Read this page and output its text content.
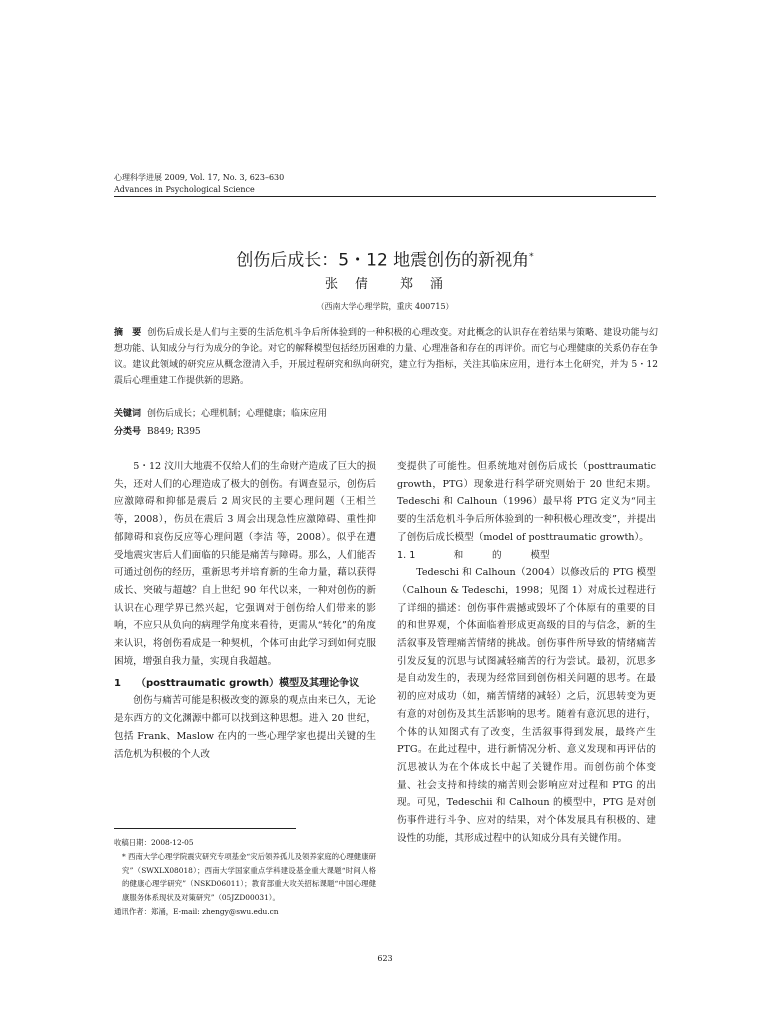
心理科学进展 2009, Vol. 17, No. 3, 623–630
Advances in Psychological Science
创伤后成长：5・12 地震创伤的新视角*
张　倩　　郑　涌
（西南大学心理学院，重庆 400715）
摘　要 创伤后成长是人们与主要的生活危机斗争后所体验到的一种积极的心理改变。对此概念的认识存在着结果与策略、建设功能与幻想功能、认知成分与行为成分的争论。对它的解释模型包括经历困难的力量、心理准备和存在的再评价。而它与心理健康的关系仍存在争议。建议此领域的研究应从概念澄清入手，开展过程研究和纵向研究，建立行为指标，关注其临床应用，进行本土化研究，并为 5・12 震后心理重建工作提供新的思路。
关键词 创伤后成长；心理机制；心理健康；临床应用
分类号 B849; R395

5・12 汶川大地震不仅给人们的生命财产造成了巨大的损失，还对人们的心理造成了极大的创伤。有调查显示，创伤后应激障碍和抑郁是震后 2 周灾民的主要心理问题（王相兰 等，2008），伤员在震后 3 周会出现急性应激障碍、重性抑郁障碍和哀伤反应等心理问题（李洁 等，2008）。似乎在遭受地震灾害后人们面临的只能是痛苦与障碍。那么，人们能否可通过创伤的经历，重新思考并培育新的生命力量，藉以获得成长、突破与超越？自上世纪 90 年代以来，一种对创伤的新认识在心理学界已然兴起，它强调对于创伤给人们带来的影响，不应只从负向的病理学角度来看待，更需从“转化”的角度来认识，将创伤看成是一种契机，个体可由此学习到如何克服困境，增强自我力量，实现自我超越。

1　　（posttraumatic growth）模型及其理论争议

创伤与痛苦可能是积极改变的源泉的观点由来已久，无论是东西方的文化渊源中都可以找到这种思想。进入 20 世纪，包括 Frank、Maslow 在内的一些心理学家也提出关键的生活危机为积极的个人改

变提供了可能性。但系统地对创伤后成长（posttraumatic growth，PTG）现象进行科学研究则始于 20 世纪末期。Tedeschi 和 Calhoun（1996）最早将 PTG 定义为“同主要的生活危机斗争后所体验到的一种积极心理改变”，并提出了创伤后成长模型（model of posttraumatic growth）。

1. 1　　　　和　　　的　　　模型

Tedeschi 和 Calhoun（2004）以修改后的 PTG 模型（Calhoun & Tedeschi，1998；见图 1）对成长过程进行了详细的描述：创伤事件震撼或毁坏了个体原有的重要的目的和世界观，个体面临着形成更高级的目的与信念，新的生活叙事及管理痛苦情绪的挑战。创伤事件所导致的情绪痛苦引发反复的沉思与试图减轻痛苦的行为尝试。最初，沉思多是自动发生的，表现为经常回到创伤相关问题的思考。在最初的应对成功（如，痛苦情绪的减轻）之后，沉思转变为更有意的对创伤及其生活影响的思考。随着有意沉思的进行，个体的认知图式有了改变，生活叙事得到发展，最终产生 PTG。在此过程中，进行新情况分析、意义发现和再评估的沉思被认为在个体成长中起了关键作用。而创伤前个体变量、社会支持和持续的痛苦则会影响应对过程和 PTG 的出现。可见，Tedeschii 和 Calhoun 的模型中，PTG 是对创伤事件进行斗争、应对的结果，对个体发展具有积极的、建设性的功能，其形成过程中的认知成分具有关键作用。

收稿日期：2008-12-05
* 西南大学心理学院震灾研究专项基金“灾后领养孤儿及领养家庭的心理健康研究”（SWXLX08018）；西南大学国家重点学科建设基金重大课题“时间人格的健康心理学研究”（NSKD06011）；教育部重大攻关招标课题“中国心理健康服务体系现状及对策研究”（05JZD00031）。
通讯作者：郑涌，E-mail: zhengy@swu.edu.cn
623
